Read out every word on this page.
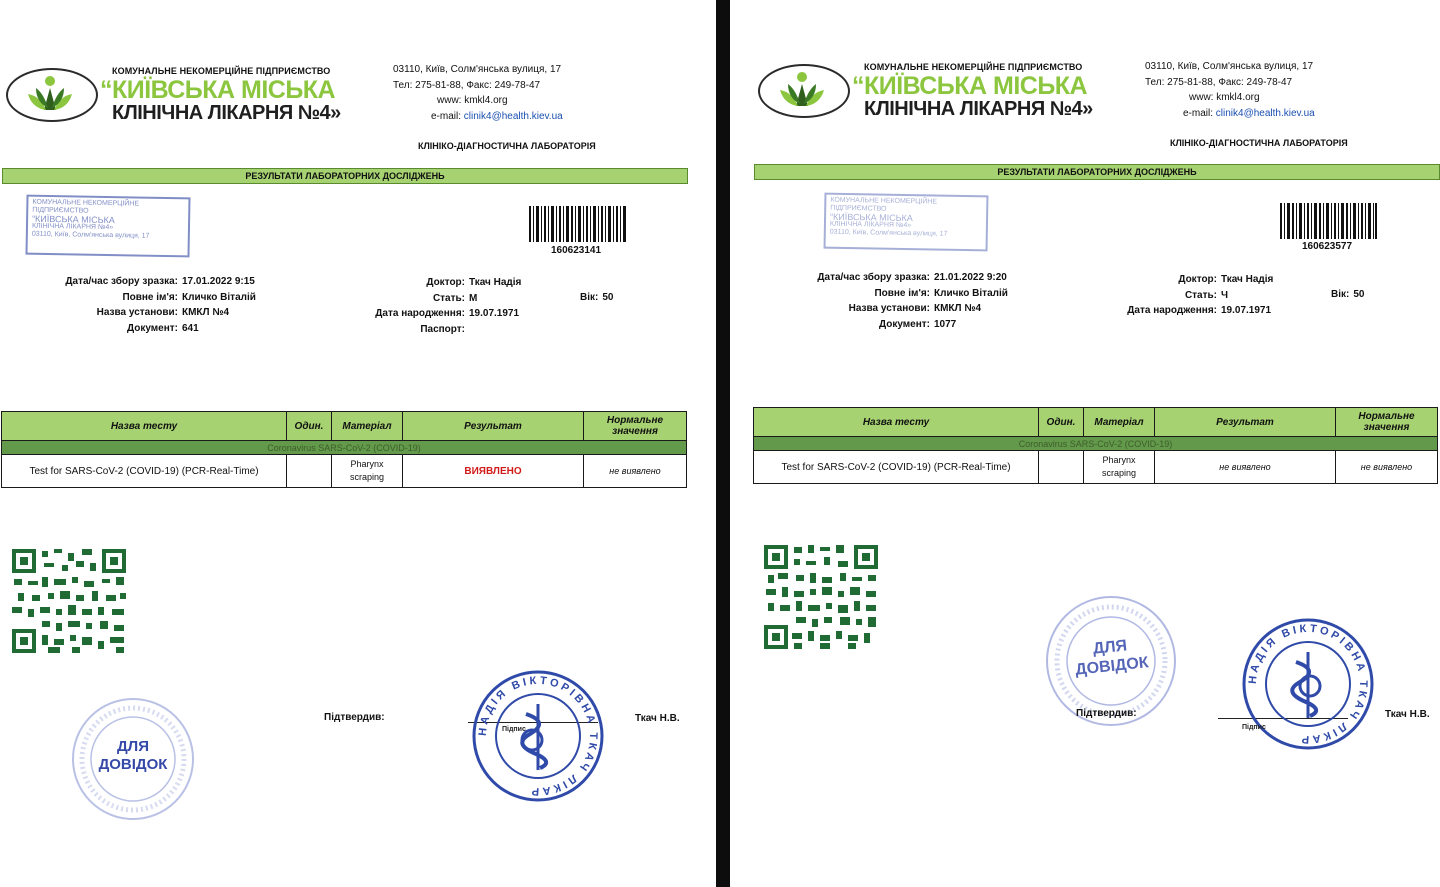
КОМУНАЛЬНЕ НЕКОМЕРЦІЙНЕ ПІДПРИЄМСТВО
“КИЇВСЬКА МІСЬКА
КЛІНІЧНА ЛІКАРНЯ №4»
03110, Київ, Солм'янська вулиця, 17
Тел: 275-81-88, Факс: 249-78-47
www: kmkl4.org
e-mail: clinik4@health.kiev.ua
КЛІНІКО-ДІАГНОСТИЧНА ЛАБОРАТОРІЯ
РЕЗУЛЬТАТИ ЛАБОРАТОРНИХ ДОСЛІДЖЕНЬ
КОМУНАЛЬНЕ НЕКОМЕРЦІЙНЕ ПІДПРИЄМСТВО
“КИЇВСЬКА МІСЬКА
КЛІНІЧНА ЛІКАРНЯ №4»
03110, Київ, Солм'янська вулиця, 17
160623141
Дата/час збору зразка: 17.01.2022 9:15
Повне ім'я: Кличко Віталій
Назва установи: КМКЛ №4
Документ: 641
Доктор: Ткач Надія
Стать: М
Дата народження: 19.07.1971
Паспорт:
Вік: 50
Назва тесту	Один.	Матеріал	Результат	Нормальне значення
Coronavirus SARS-CoV-2 (COVID-19)				
Test for SARS-CoV-2 (COVID-19) (PCR-Real-Time)		Pharynx
scraping	ВИЯВЛЕНО	не виявлено
ДЛЯ
ДОВІДОК
Підтвердив:
НАДІЯ ВІКТОРІВНА ТКАЧ ЛІКАР
Підпис
Ткач Н.В.
КОМУНАЛЬНЕ НЕКОМЕРЦІЙНЕ ПІДПРИЄМСТВО
“КИЇВСЬКА МІСЬКА
КЛІНІЧНА ЛІКАРНЯ №4»
03110, Київ, Солм'янська вулиця, 17
Тел: 275-81-88, Факс: 249-78-47
www: kmkl4.org
e-mail: clinik4@health.kiev.ua
КЛІНІКО-ДІАГНОСТИЧНА ЛАБОРАТОРІЯ
РЕЗУЛЬТАТИ ЛАБОРАТОРНИХ ДОСЛІДЖЕНЬ
КОМУНАЛЬНЕ НЕКОМЕРЦІЙНЕ ПІДПРИЄМСТВО
“КИЇВСЬКА МІСЬКА
КЛІНІЧНА ЛІКАРНЯ №4»
03110, Київ, Солм'янська вулиця, 17
160623577
Дата/час збору зразка: 21.01.2022 9:20
Повне ім'я: Кличко Віталій
Назва установи: КМКЛ №4
Документ: 1077
Доктор: Ткач Надія
Стать: Ч
Дата народження: 19.07.1971
Вік: 50
Назва тесту	Один.	Матеріал	Результат	Нормальне значення
Coronavirus SARS-CoV-2 (COVID-19)				
Test for SARS-CoV-2 (COVID-19) (PCR-Real-Time)		Pharynx
scraping	не виявлено	не виявлено
ДЛЯ
ДОВІДОК
Підтвердив:
НАДІЯ ВІКТОРІВНА ТКАЧ ЛІКАР
Підпис
Ткач Н.В.
